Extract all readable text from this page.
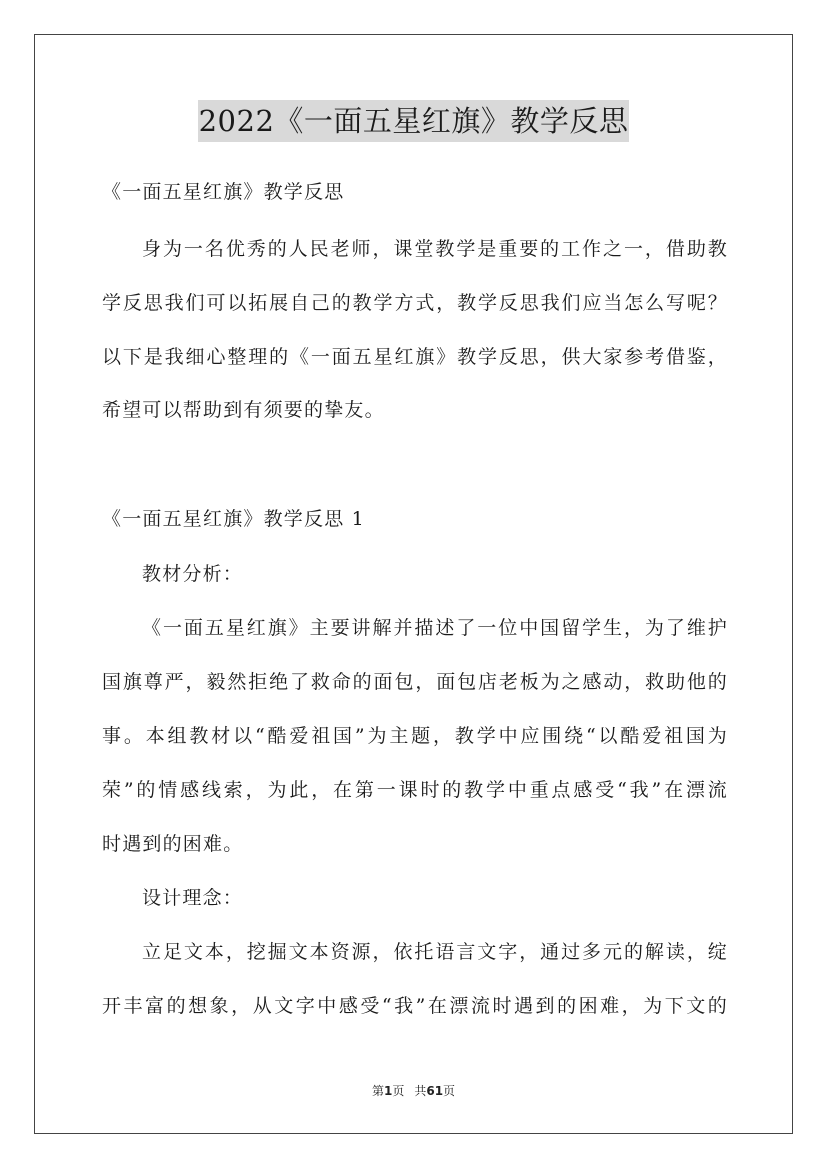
2022《一面五星红旗》教学反思
《一面五星红旗》教学反思
身为一名优秀的人民老师，课堂教学是重要的工作之一，借助教
学反思我们可以拓展自己的教学方式，教学反思我们应当怎么写呢？
以下是我细心整理的《一面五星红旗》教学反思，供大家参考借鉴，
希望可以帮助到有须要的挚友。
《一面五星红旗》教学反思 1
教材分析：
《一面五星红旗》主要讲解并描述了一位中国留学生，为了维护
国旗尊严，毅然拒绝了救命的面包，面包店老板为之感动，救助他的
事。本组教材以“酷爱祖国”为主题，教学中应围绕“以酷爱祖国为
荣”的情感线索，为此，在第一课时的教学中重点感受“我”在漂流
时遇到的困难。
设计理念：
立足文本，挖掘文本资源，依托语言文字，通过多元的解读，绽
开丰富的想象，从文字中感受“我”在漂流时遇到的困难，为下文的
第1页 共61页
